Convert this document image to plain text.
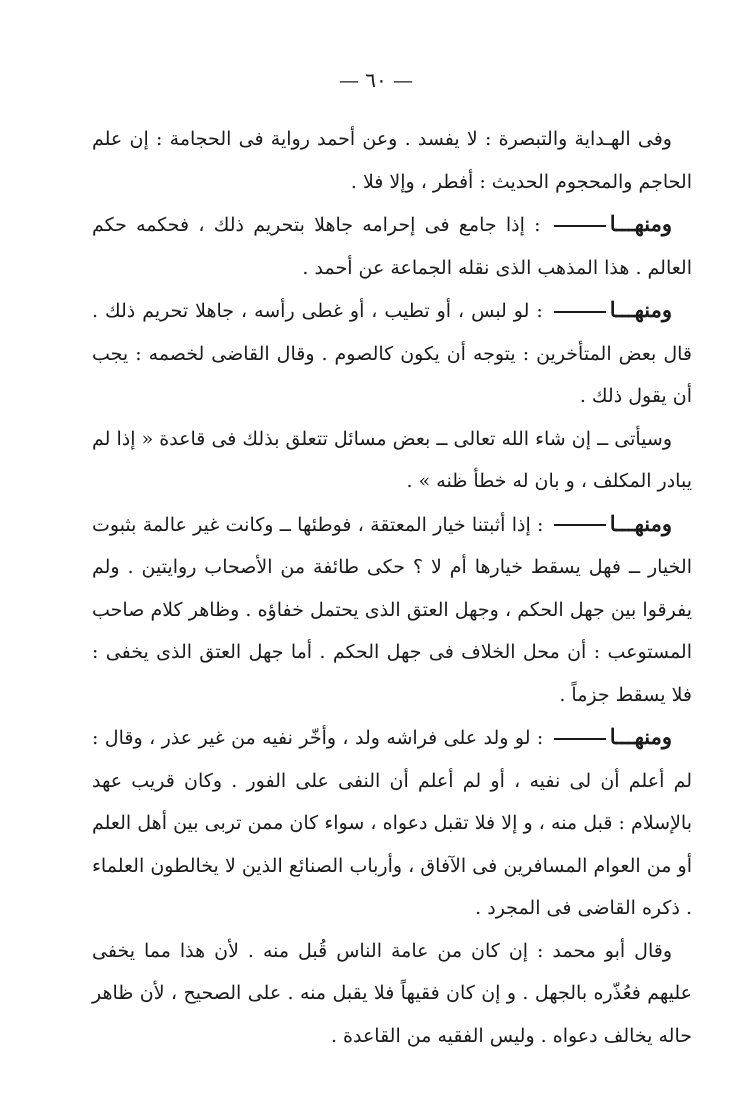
— ٦٠ —

وفى الهـداية والتبصرة : لا يفسد . وعن أحمد رواية فى الحجامة : إن علم الحاجم والمحجوم الحديث : أفطر ، وإلا فلا .

ومنهـــا : إذا جامع فى إحرامه جاهلا بتحريم ذلك ، فحكمه حكم العالم . هذا المذهب الذى نقله الجماعة عن أحمد .

ومنهـــا : لو لبس ، أو تطيب ، أو غطى رأسه ، جاهلا تحريم ذلك . قال بعض المتأخرين : يتوجه أن يكون كالصوم . وقال القاضى لخصمه : يجب أن يقول ذلك .

وسيأتى ــ إن شاء الله تعالى ــ بعض مسائل تتعلق بذلك فى قاعدة « إذا لم يبادر المكلف ، و بان له خطأ ظنه » .

ومنهـــا : إذا أثبتنا خيار المعتقة ، فوطئها ــ وكانت غير عالمة بثبوت الخيار ــ فهل يسقط خيارها أم لا ؟ حكى طائفة من الأصحاب روايتين . ولم يفرقوا بين جهل الحكم ، وجهل العتق الذى يحتمل خفاؤه . وظاهر كلام صاحب المستوعب : أن محل الخلاف فى جهل الحكم . أما جهل العتق الذى يخفى : فلا يسقط جزماً .

ومنهـــا : لو ولد على فراشه ولد ، وأخّر نفيه من غير عذر ، وقال : لم أعلم أن لى نفيه ، أو لم أعلم أن النفى على الفور . وكان قريب عهد بالإسلام : قبل منه ، و إلا فلا تقبل دعواه ، سواء كان ممن تربى بين أهل العلم أو من العوام المسافرين فى الآفاق ، وأرباب الصنائع الذين لا يخالطون العلماء . ذكره القاضى فى المجرد .

وقال أبو محمد : إن كان من عامة الناس قُبل منه . لأن هذا مما يخفى عليهم فعُذّره بالجهل . و إن كان فقيهاً فلا يقبل منه . على الصحيح ، لأن ظاهر حاله يخالف دعواه . وليس الفقيه من القاعدة .
